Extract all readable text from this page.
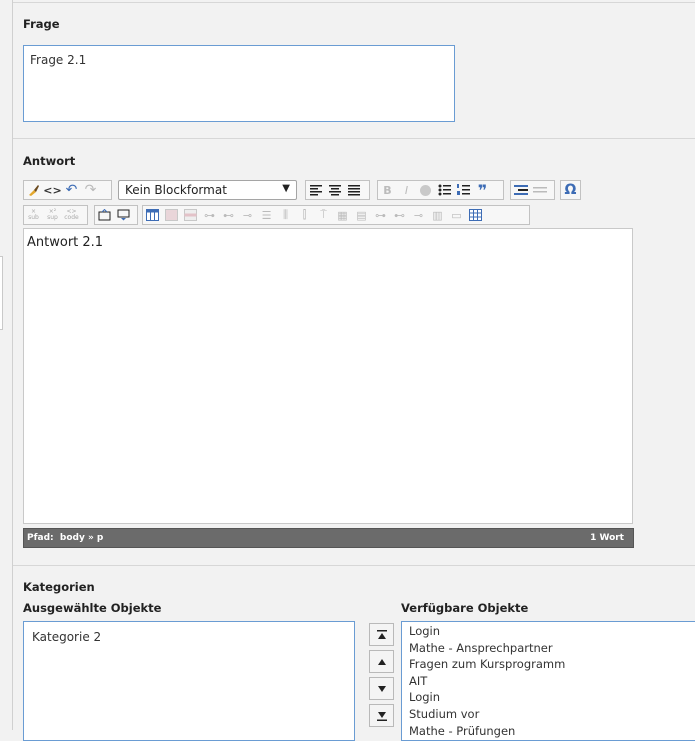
Frage
Frage 2.1
Antwort
<> ↶ ↷	Kein Blockformat	▼	B	I	❞	Ω
×
sub
×²
sup
<>
code	⊶ ⊷ ⊸ ☰	⫼	⫿	⍑ ▦ ▤ ⊶ ⊷ ⊸ ▥ ▭
Antwort 2.1
Pfad: body » p	1 Wort
Kategorien
Ausgewählte Objekte	Verfügbare Objekte
Kategorie 2	Login
Mathe - Ansprechpartner
Fragen zum Kursprogramm
AIT
Login
Studium vor
Mathe - Prüfungen
